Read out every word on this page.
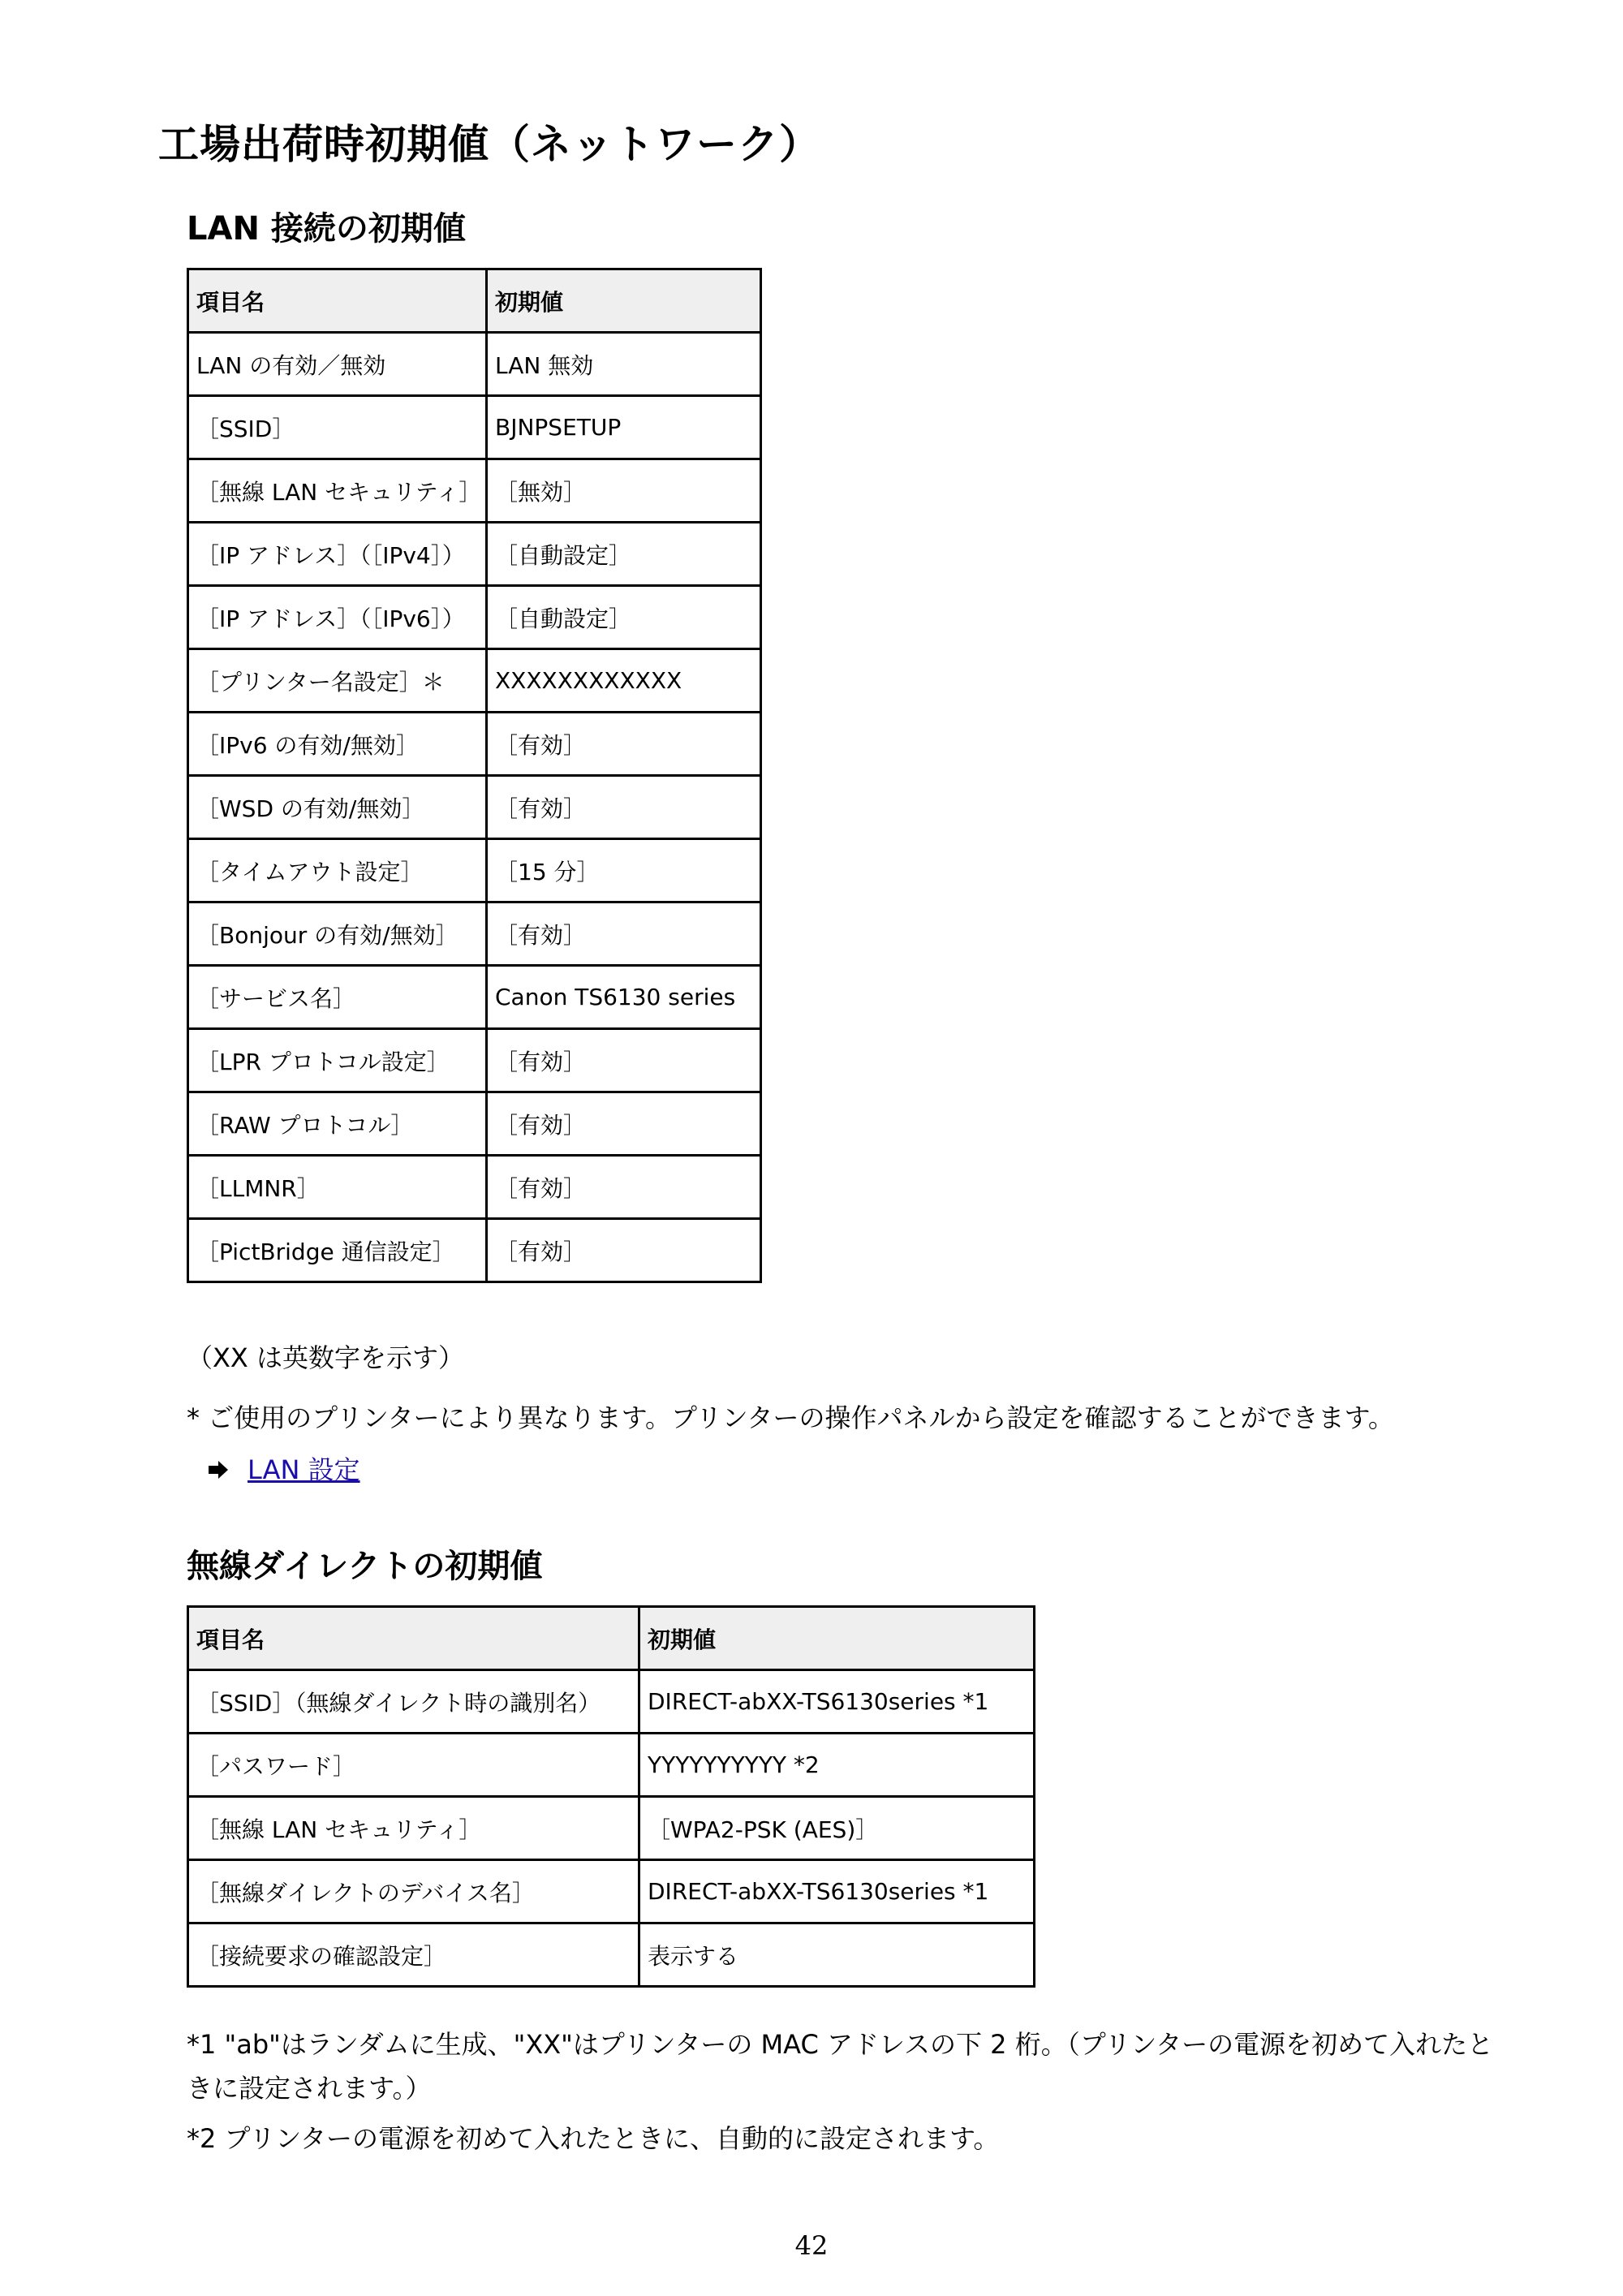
工場出荷時初期値（ネットワーク）
LAN 接続の初期値
項目名	初期値
LAN の有効／無効	LAN 無効
［SSID］	BJNPSETUP
［無線 LAN セキュリティ］	［無効］
［IP アドレス］（［IPv4］）	［自動設定］
［IP アドレス］（［IPv6］）	［自動設定］
［プリンター名設定］＊	XXXXXXXXXXXX
［IPv6 の有効/無効］	［有効］
［WSD の有効/無効］	［有効］
［タイムアウト設定］	［15 分］
［Bonjour の有効/無効］	［有効］
［サービス名］	Canon TS6130 series
［LPR プロトコル設定］	［有効］
［RAW プロトコル］	［有効］
［LLMNR］	［有効］
［PictBridge 通信設定］	［有効］

（XX は英数字を示す）

* ご使用のプリンターにより異なります。プリンターの操作パネルから設定を確認することができます。

LAN 設定
無線ダイレクトの初期値
項目名	初期値
［SSID］（無線ダイレクト時の識別名）	DIRECT-abXX-TS6130series *1
［パスワード］	YYYYYYYYYY *2
［無線 LAN セキュリティ］	［WPA2-PSK (AES)］
［無線ダイレクトのデバイス名］	DIRECT-abXX-TS6130series *1
［接続要求の確認設定］	表示する

*1 "ab"はランダムに生成、"XX"はプリンターの MAC アドレスの下 2 桁。（プリンターの電源を初めて入れたときに設定されます。）

*2 プリンターの電源を初めて入れたときに、自動的に設定されます。

42
